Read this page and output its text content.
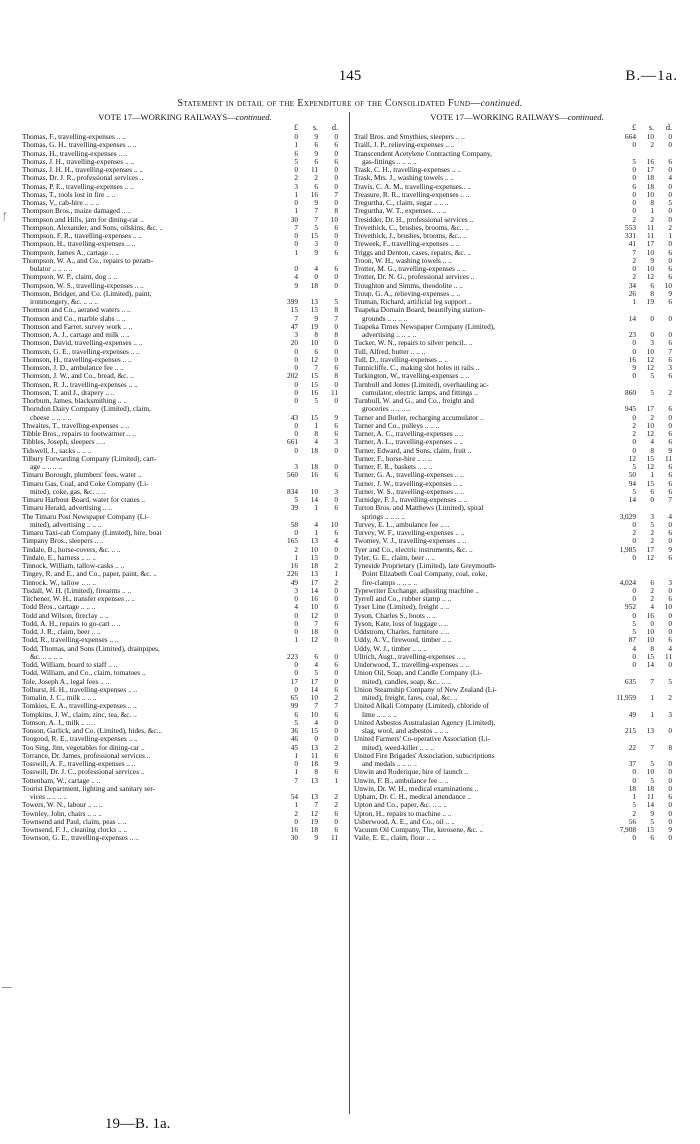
145	B.—1a.
Statement in detail of the Expenditure of the Consolidated Fund—continued.
ᚴ
—
VOTE 17—WORKING RAILWAYS—continued.
£	s.	d.
Thomas, F., travelling-expenses .. ..	0	9	0
Thomas, G. H., travelling-expenses .. ..	1	6	6
Thomas, H., travelling-expenses .. ..	6	9	0
Thomas, J. H., travelling-expenses .. ..	5	6	6
Thomas, J. H. H., travelling-expenses .. ..	0	11	0
Thomas, Dr. J. R., professional services ..	2	2	0
Thomas, P. E., travelling-expenses .. ..	3	6	0
Thomas, T., tools lost in fire .. ..	1	16	7
Thomas, V., cab-hire .. .. ..	0	9	0
Thompson Bros., maize damaged .. ..	1	7	8
Thompson and Hills, jam for dining-car ..	30	7	10
Thompson, Alexander, and Sons, oilskins, &c. ..	7	5	6
Thompson, F. R., travelling-expenses .. ..	0	15	0
Thompson, H., travelling-expenses .. ..	0	3	0
Thompson, James A., cartage .. ..	1	9	6
Thompson, W. A., and Co., repairs to peram-
bulator .. .. .. ..	0	4	6
Thompson, W. P., claim, dog .. ..	4	0	0
Thompson, W. S., travelling-expenses .. ..	9	18	0
Thomson, Bridger, and Co. (Limited), paint,
ironmongery, &c. .. .. ..	399	13	5
Thomson and Co., aerated waters .. ..	15	15	8
Thomson and Co., marble slabs .. ..	7	9	7
Thomson and Farrer, survey work .. ..	47	19	0
Thomson, A. J., cartage and milk .. ..	3	8	8
Thomson, David, travelling-expenses .. ..	20	10	0
Thomson, G. E., travelling-expenses .. ..	0	6	0
Thomson, H., travelling-expenses .. ..	0	12	0
Thomson, J. D., ambulance fee .. ..	0	7	6
Thomson, J. W., and Co., bread, &c. ..	202	15	8
Thomson, R. J., travelling-expenses .. ..	0	15	0
Thomson, T. and J., drapery .. ..	0	16	11
Thorburn, James, blacksmithing .. ..	0	5	0
Thorndon Dairy Company (Limited), claim,
cheese .. .. .. ..	43	15	9
Thwaites, T., travelling-expenses .. ..	0	1	6
Tibble Bros., repairs to footwarmer .. ..	0	8	6
Tibbles, Joseph, sleepers .. ..	661	4	3
Tidswell, J., sacks .. .. ..	0	18	0
Tilbury Forwarding Company (Limited), cart-
age .. .. .. ..	3	18	0
Timaru Borough, plumbers' fees, water ..	560	16	6
Timaru Gas, Coal, and Coke Company (Li-
mited), coke, gas, &c. .. ..	834	10	3
Timaru Harbour Board, water for cranes ..	5	14	0
Timaru Herald, advertising .. ..	39	1	6
The Timaru Post Newspaper Company (Li-
mited), advertising .. .. ..	58	4	10
Timaru Taxi-cab Company (Limited), hire, boat	0	1	6
Timpany Bros., sleepers .. ..	165	13	4
Tindale, B., horse-covers, &c. .. ..	2	10	0
Tindale, E., harness .. .. ..	1	15	0
Tinnock, William, tallow-casks .. ..	16	18	2
Tingey, R. and E., and Co., paper, paint, &c. ..	226	13	1
Tinnock, W., tallow .. .. ..	49	17	2
Tisdall, W. H. (Limited), firearms .. ..	3	14	0
Titchener, W. H., transfer expenses .. ..	0	16	0
Todd Bros., cartage .. .. ..	4	10	6
Todd and Wilson, fireclay .. ..	0	12	0
Todd, A. H., repairs to go-cart .. ..	0	7	6
Todd, J. R., claim, beer .. ..	0	18	0
Todd, R., travelling-expenses .. ..	1	12	0
Todd, Thomas, and Sons (Limited), drainpipes,
&c. .. .. .. ..	223	6	0
Todd, William, board to staff .. ..	0	4	6
Todd, William, and Co., claim, tomatoes ..	0	5	0
Tole, Joseph A., legal fees .. ..	17	17	0
Tolhurst, H. H., travelling-expenses .. ..	0	14	6
Tomalin, J. C., milk .. .. ..	65	10	2
Tomkies, E. A., travelling-expenses .. ..	99	7	7
Tompkins, J. W., claim, zinc, tea, &c. ..	6	10	6
Tomson, A. J., milk .. .. ..	5	4	0
Tonson, Garlick, and Co. (Limited), hides, &c...	36	15	0
Toogood, R. E., travelling-expenses .. ..	46	0	0
Too Sing, Jim, vegetables for dining-car ..	45	13	2
Torrance, Dr. James, professional services ..	1	11	6
Tosswill, A. F., travelling-expenses .. ..	0	18	9
Tosswill, Dr. J. C., professional services ..	1	8	6
Tottenham, W., cartage .. ..	7	13	1
Tourist Department, lighting and sanitary ser-
vices .. .. .. ..	54	13	2
Towers, W. N., labour .. .. ..	1	7	2
Townley, John, chairs .. .. ..	2	12	6
Townsend and Paul, claim, peas .. ..	0	19	0
Townsend, F. J., cleaning clocks .. ..	16	18	6
Townson, G. E., travelling-expenses .. ..	30	9	11
VOTE 17—WORKING RAILWAYS—continued.
£	s.	d.
Trail Bros. and Smythies, sleepers .. ..	664	10	0
Traill, J. P., relieving-expenses .. ..	0	2	0
Transcendent Acetylene Contracting Company,
gas-fittings .. .. .. ..	5	16	6
Trask, C. H., travelling-expenses .. ..	0	17	0
Trask, Mrs. J., washing towels .. ..	0	18	4
Travis, C. A. M., travelling-expenses.. ..	6	18	0
Treasure, R. R., travelling-expenses .. ..	0	10	0
Tregurtha, C., claim, sugar .. .. ..	0	8	5
Tregurtha, W. T., expenses.. .. ..	0	1	0
Tresidder, Dr. H., professional services ..	2	2	0
Trevethick, C., brushes, brooms, &c.. ..	553	11	2
Trevethick, J., brushes, brooms, &c.. ..	331	11	1
Treweek, F., travelling-expenses .. ..	41	17	0
Triggs and Denton, cases, repairs, &c. ..	7	10	6
Troon, W. H., washing towels .. ..	2	9	0
Trotter, M. G., travelling-expenses .. ..	0	10	6
Trotter, Dr. N. G., professional services ..	2	12	6
Troughton and Simms, theodolite .. ..	34	6	10
Troup, G. A., relieving-expenses .. ..	26	8	9
Truman, Richard, artificial leg support ..	1	19	6
Tuapeka Domain Board, beautifying station-
grounds .. .. .. ..	14	0	0
Tuapeka Times Newspaper Company (Limited),
advertising .. .. .. ..	23	0	0
Tucker, W. N., repairs to silver pencil.. ..	0	3	6
Tull, Alfred, butter .. .. ..	0	10	7
Tull, D., travelling-expenses .. ..	16	12	6
Tunnicliffe, C., making slot holes in rails ..	9	12	3
Turkington, W., travelling-expenses .. ..	0	5	6
Turnbull and Jones (Limited), overhauling ac-
cumulator, electric lamps, and fittings ..	860	5	2
Turnbull, W. and G., and Co., freight and
groceries .. .. .. ..	945	17	6
Turner and Butler, recharging accumulator ..	0	2	0
Turner and Co., pulleys .. .. ..	2	10	0
Turner, A. C., travelling-expenses .. ..	2	12	6
Turner, A. L., travelling-expenses .. ..	0	4	6
Turner, Edward, and Sons, claim, fruit ..	0	8	9
Turner, F., horse-hire .. .. ..	12	15	11
Turner, F. R., baskets .. .. ..	5	12	6
Turner, G. A., travelling-expenses .. ..	50	1	6
Turner, J. W., travelling-expenses .. ..	94	15	6
Turner, W. S., travelling-expenses .. ..	5	6	6
Turnidge, F. J., travelling-expenses .. ..	14	0	7
Turton Bros. and Matthews (Limited), spiral
springs .. .. .. ..	3,029	3	4
Turvey, E. L., ambulance fee .. ..	0	5	0
Turvey, W. F., travelling-expenses .. ..	2	2	6
Twomey, V. J., travelling-expenses .. ..	0	2	0
Tyer and Co., electric instruments, &c. ..	1,985	17	9
Tyler, G. E., claim, beer .. ..	0	12	6
Tyneside Proprietary (Limited), late Greymouth-
Point Elizabeth Coal Company, coal, coke,
fire-clamps .. .. .. ..	4,024	6	3
Typewriter Exchange, adjusting machine ..	0	2	0
Tyrrell and Co., rubber stamp .. ..	0	2	6
Tyser Line (Limited), freight .. ..	952	4	10
Tyson, Charles S., boots .. ..	0	16	0
Tyson, Kate, loss of luggage .. ..	5	0	0
Uddstrom, Charles, furniture .. ..	5	10	0
Uddy, A. V., firewood, timber .. ..	87	10	6
Uddy, W. J., timber .. .. ..	4	8	4
Ullrich, Augt., travelling-expenses .. ..	0	15	11
Underwood, T., travelling-expenses .. ..	0	14	0
Union Oil, Soap, and Candle Company (Li-
mited), candles, soap, &c.. .. ..	635	7	5
Union Steamship Company of New Zealand (Li-
mited), freight, fares, coal, &c. ..	11,959	1	2
United Alkali Company (Limited), chloride of
lime .. .. .. ..	49	1	3
United Asbestos Australasian Agency (Limited),
slag, wool, and asbestos .. .. ..	215	13	0
United Farmers' Co-operative Association (Li-
mited), weed-killer .. .. ..	22	7	8
United Fire Brigades' Association, subscriptions
and medals .. .. .. ..	37	5	0
Unwin and Roderique, hire of launch ..	0	10	0
Unwin, F. B., ambulance fee .. ..	0	5	0
Unwin, Dr. W. H., medical examinations ..	18	18	0
Upham, Dr. C. H., medical attendance ..	1	11	6
Upton and Co., paper, &c. .. .. ..	5	14	0
Upton, H., repairs to machine .. ..	2	9	0
Usherwood, A. E., and Co., oil .. ..	56	5	0
Vacuum Oil Company, The, kerosene, &c. ..	7,908	15	9
Vaile, E. E., claim, flour .. ..	0	6	0
19—B. 1a.
